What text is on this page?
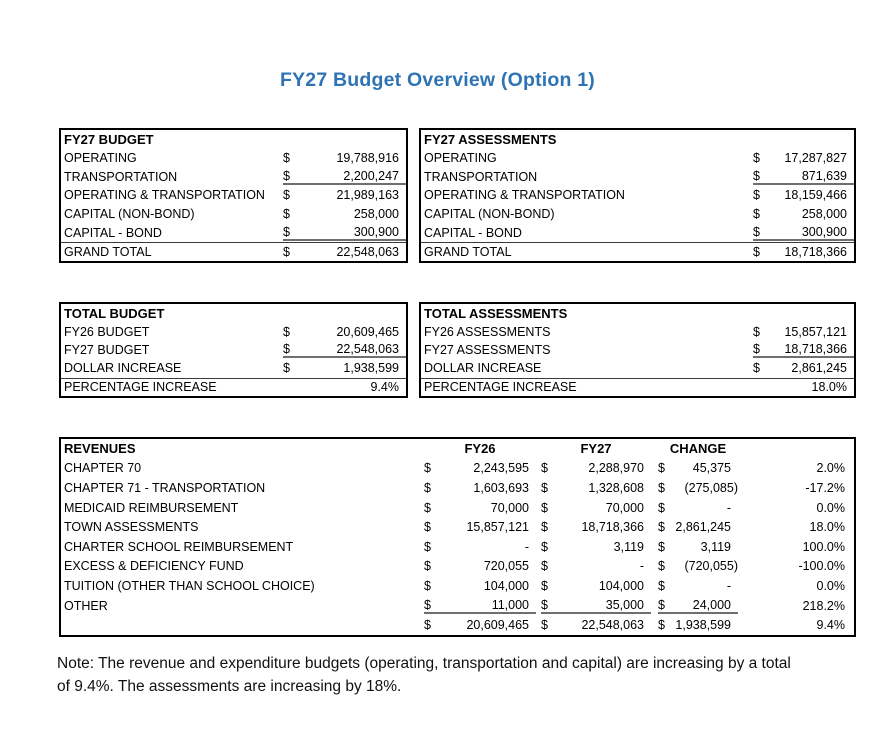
FY27 Budget Overview (Option 1)
FY27 BUDGET
OPERATING	$	19,788,916
TRANSPORTATION	$	2,200,247
OPERATING & TRANSPORTATION	$	21,989,163
CAPITAL (NON-BOND)	$	258,000
CAPITAL - BOND	$	300,900
GRAND TOTAL	$	22,548,063
FY27 ASSESSMENTS
OPERATING	$ 17,287,827
TRANSPORTATION	$	871,639
OPERATING & TRANSPORTATION	$ 18,159,466
CAPITAL (NON-BOND)	$	258,000
CAPITAL - BOND	$	300,900
GRAND TOTAL	$ 18,718,366
TOTAL BUDGET
FY26 BUDGET	$	20,609,465
FY27 BUDGET	$	22,548,063
DOLLAR INCREASE	$	1,938,599
PERCENTAGE INCREASE	9.4%
TOTAL ASSESSMENTS
FY26 ASSESSMENTS	$ 15,857,121
FY27 ASSESSMENTS	$ 18,718,366
DOLLAR INCREASE	$	2,861,245
PERCENTAGE INCREASE	18.0%
REVENUES	FY26	FY27	CHANGE
CHAPTER 70	$	2,243,595 $	2,288,970	$ 45,375	2.0%
CHAPTER 71 - TRANSPORTATION	$	1,603,693 $	1,328,608	$ (275,085)	-17.2%
MEDICAID REIMBURSEMENT	$	70,000 $	70,000	$	-	0.0%
TOWN ASSESSMENTS	$	15,857,121 $	18,718,366	$ 2,861,245	18.0%
CHARTER SCHOOL REIMBURSEMENT	$	- $	3,119	$	3,119	100.0%
EXCESS & DEFICIENCY FUND	$	720,055 $	-	$ (720,055)	-100.0%
TUITION (OTHER THAN SCHOOL CHOICE)	$	104,000 $	104,000	$	-	0.0%
OTHER	$	11,000 $	35,000	$ 24,000	218.2%
$	20,609,465 $	22,548,063	$ 1,938,599	9.4%
Note: The revenue and expenditure budgets (operating, transportation and capital) are increasing by a total
of 9.4%. The assessments are increasing by 18%.
